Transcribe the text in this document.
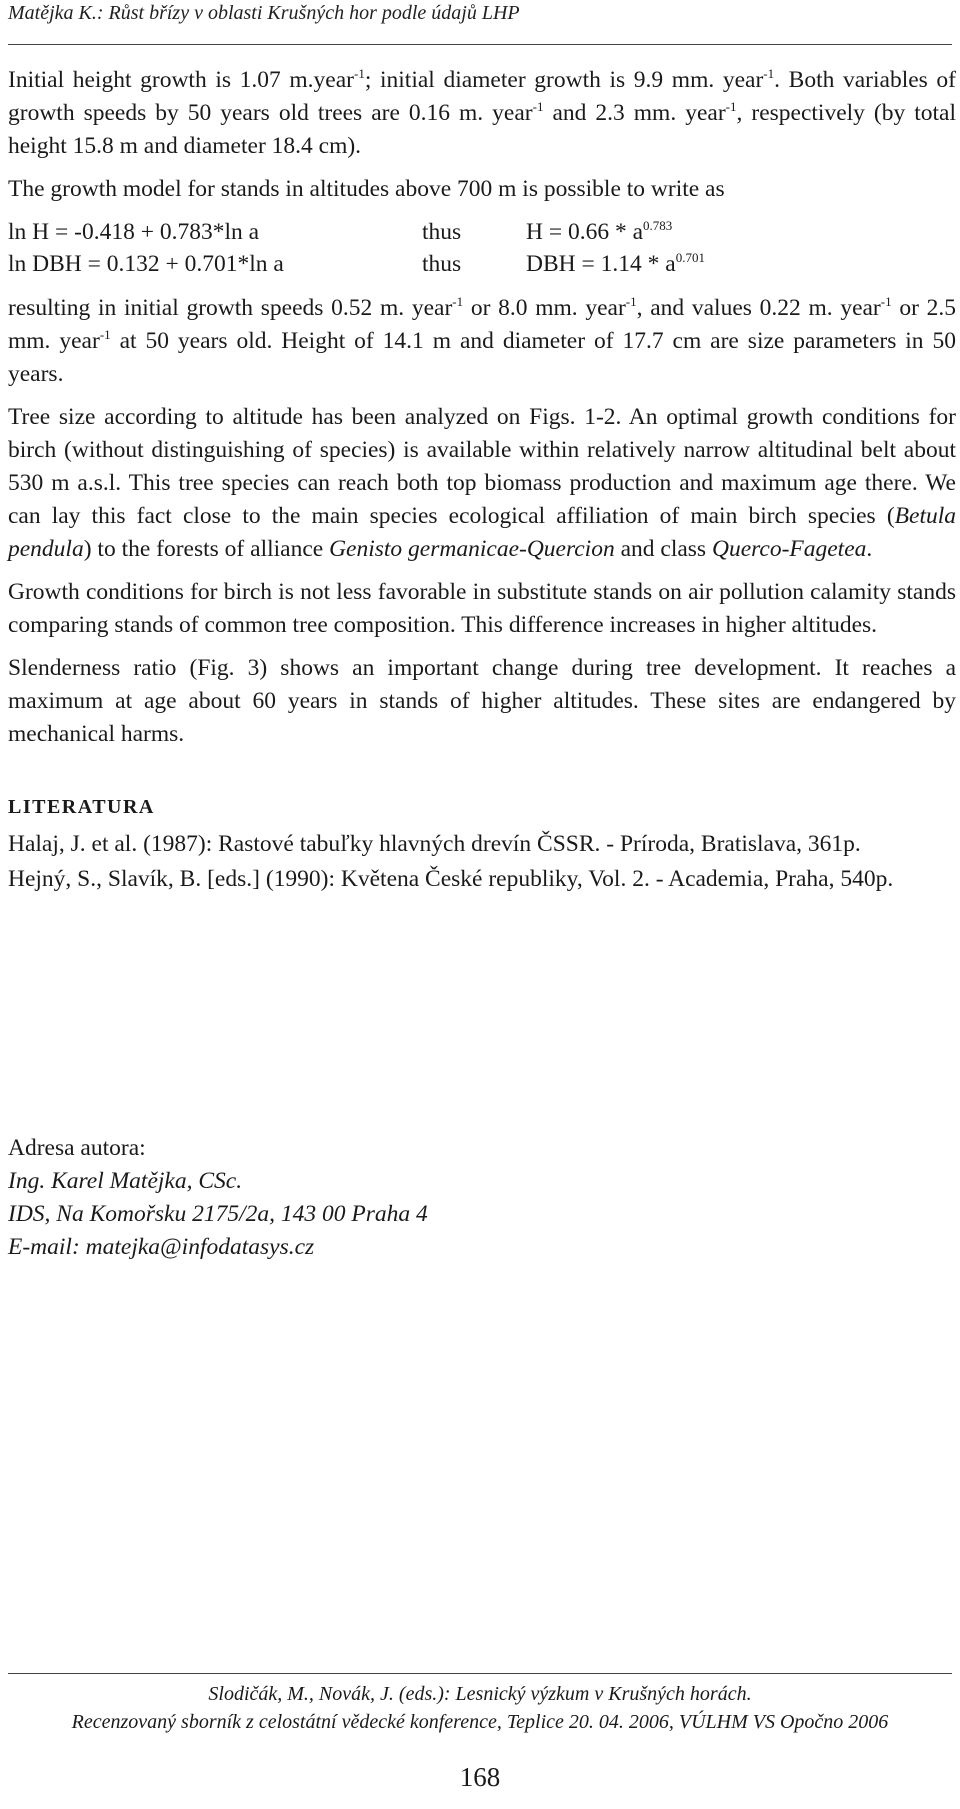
Matějka K.: Růst břízy v oblasti Krušných hor podle údajů LHP

Initial height growth is 1.07 m.year$^{-1}$; initial diameter growth is 9.9 mm. year$^{-1}$. Both variables of growth speeds by 50 years old trees are 0.16 m. year$^{-1}$ and 2.3 mm. year$^{-1}$, respectively (by total height 15.8 m and diameter 18.4 cm).

The growth model for stands in altitudes above 700 m is possible to write as

ln H = -0.418 + 0.783*ln a	thus	$H = 0.66 * a^{0.783}$
ln DBH = 0.132 + 0.701*ln a	thus	DBH = $1.14 * a^{0.701}$

resulting in initial growth speeds 0.52 m. year$^{-1}$ or 8.0 mm. year$^{-1}$, and values 0.22 m. year$^{-1}$ or 2.5 mm. year$^{-1}$ at 50 years old. Height of 14.1 m and diameter of 17.7 cm are size parameters in 50 years.

Tree size according to altitude has been analyzed on Figs. 1-2. An optimal growth conditions for birch (without distinguishing of species) is available within relatively narrow altitudinal belt about 530 m a.s.l. This tree species can reach both top biomass production and maximum age there. We can lay this fact close to the main species ecological affiliation of main birch species (Betula pendula) to the forests of alliance Genisto germanicae-Quercion and class Querco-Fagetea.

Growth conditions for birch is not less favorable in substitute stands on air pollution calamity stands comparing stands of common tree composition. This difference increases in higher altitudes.

Slenderness ratio (Fig. 3) shows an important change during tree development. It reaches a maximum at age about 60 years in stands of higher altitudes. These sites are endangered by mechanical harms.

LITERATURA
Halaj, J. et al. (1987): Rastové tabuľky hlavných drevín ČSSR. - Príroda, Bratislava, 361p.
Hejný, S., Slavík, B. [eds.] (1990): Květena České republiky, Vol. 2. - Academia, Praha, 540p.
Adresa autora:
Ing. Karel Matějka, CSc.
IDS, Na Komořsku 2175/2a, 143 00 Praha 4
E-mail: matejka@infodatasys.cz
Slodičák, M., Novák, J. (eds.): Lesnický výzkum v Krušných horách.
Recenzovaný sborník z celostátní vědecké konference, Teplice 20. 04. 2006, VÚLHM VS Opočno 2006
168
